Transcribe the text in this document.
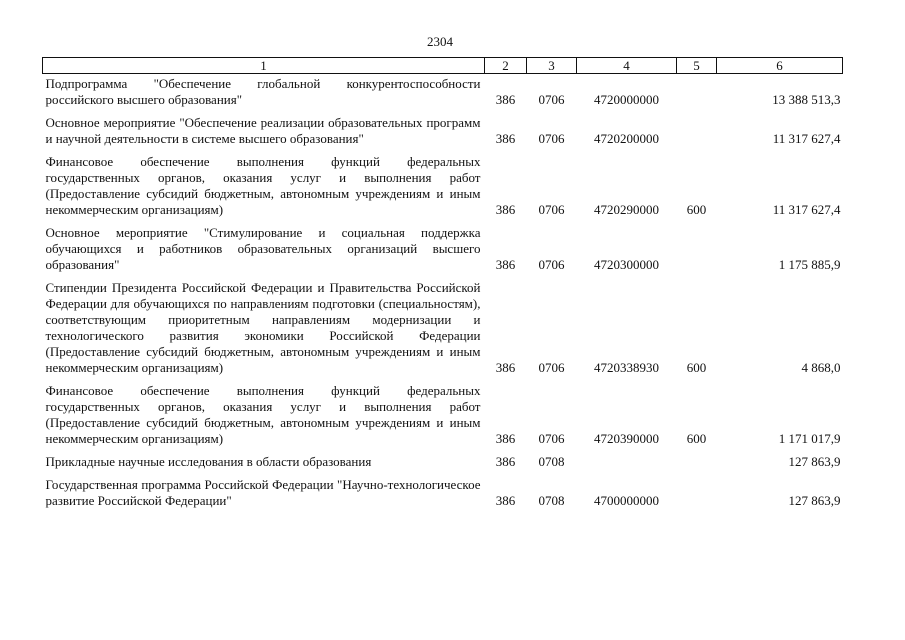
2304
1	2	3	4	5	6
Подпрограмма "Обеспечение глобальной конкурентоспособности российского высшего образования"	386	0706	4720000000		13 388 513,3
Основное мероприятие "Обеспечение реализации образовательных программ и научной деятельности в системе высшего образования"	386	0706	4720200000		11 317 627,4
Финансовое обеспечение выполнения функций федеральных государственных органов, оказания услуг и выполнения работ (Предоставление субсидий бюджетным, автономным учреждениям и иным некоммерческим организациям)	386	0706	4720290000	600	11 317 627,4
Основное мероприятие "Стимулирование и социальная поддержка обучающихся и работников образовательных организаций высшего образования"	386	0706	4720300000		1 175 885,9
Стипендии Президента Российской Федерации и Правительства Российской Федерации для обучающихся по направлениям подготовки (специальностям), соответствующим приоритетным направлениям модернизации и технологического развития экономики Российской Федерации (Предоставление субсидий бюджетным, автономным учреждениям и иным некоммерческим организациям)	386	0706	4720338930	600	4 868,0
Финансовое обеспечение выполнения функций федеральных государственных органов, оказания услуг и выполнения работ (Предоставление субсидий бюджетным, автономным учреждениям и иным некоммерческим организациям)	386	0706	4720390000	600	1 171 017,9
Прикладные научные исследования в области образования	386	0708			127 863,9
Государственная программа Российской Федерации "Научно-технологическое развитие Российской Федерации"	386	0708	4700000000		127 863,9
